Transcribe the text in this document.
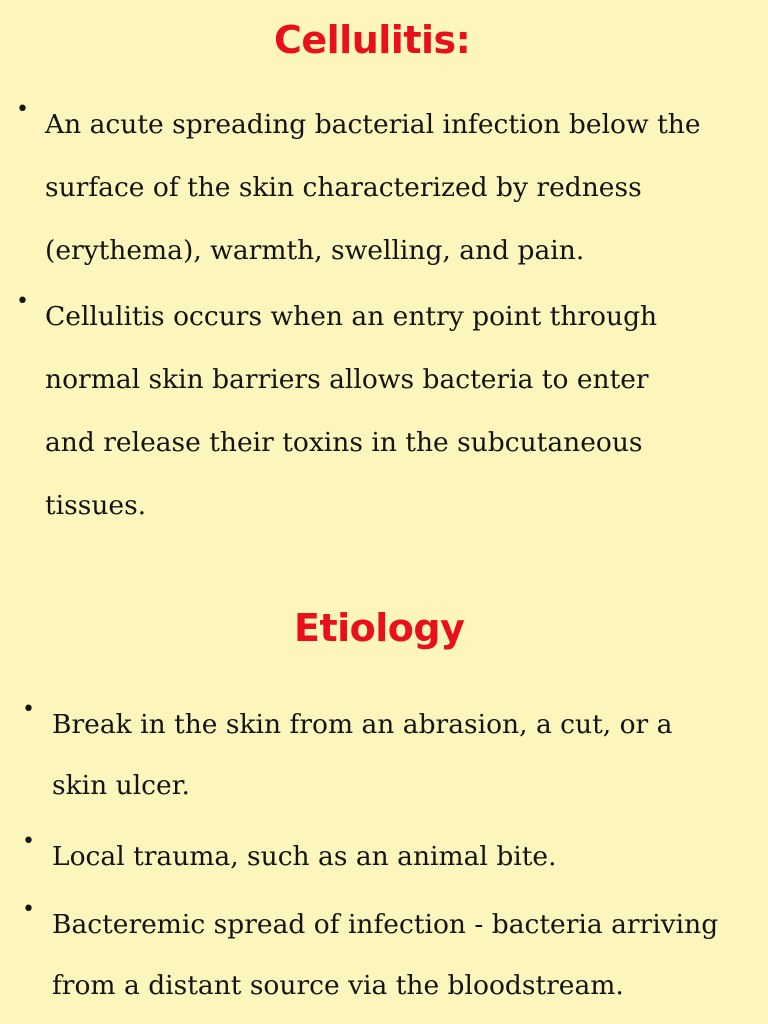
Cellulitis:
• An acute spreading bacterial infection below the
surface of the skin characterized by redness
(erythema), warmth, swelling, and pain.
• Cellulitis occurs when an entry point through
normal skin barriers allows bacteria to enter
and release their toxins in the subcutaneous
tissues.
Etiology
• Break in the skin from an abrasion, a cut, or a
skin ulcer.
• Local trauma, such as an animal bite.
• Bacteremic spread of infection - bacteria arriving
from a distant source via the bloodstream.
